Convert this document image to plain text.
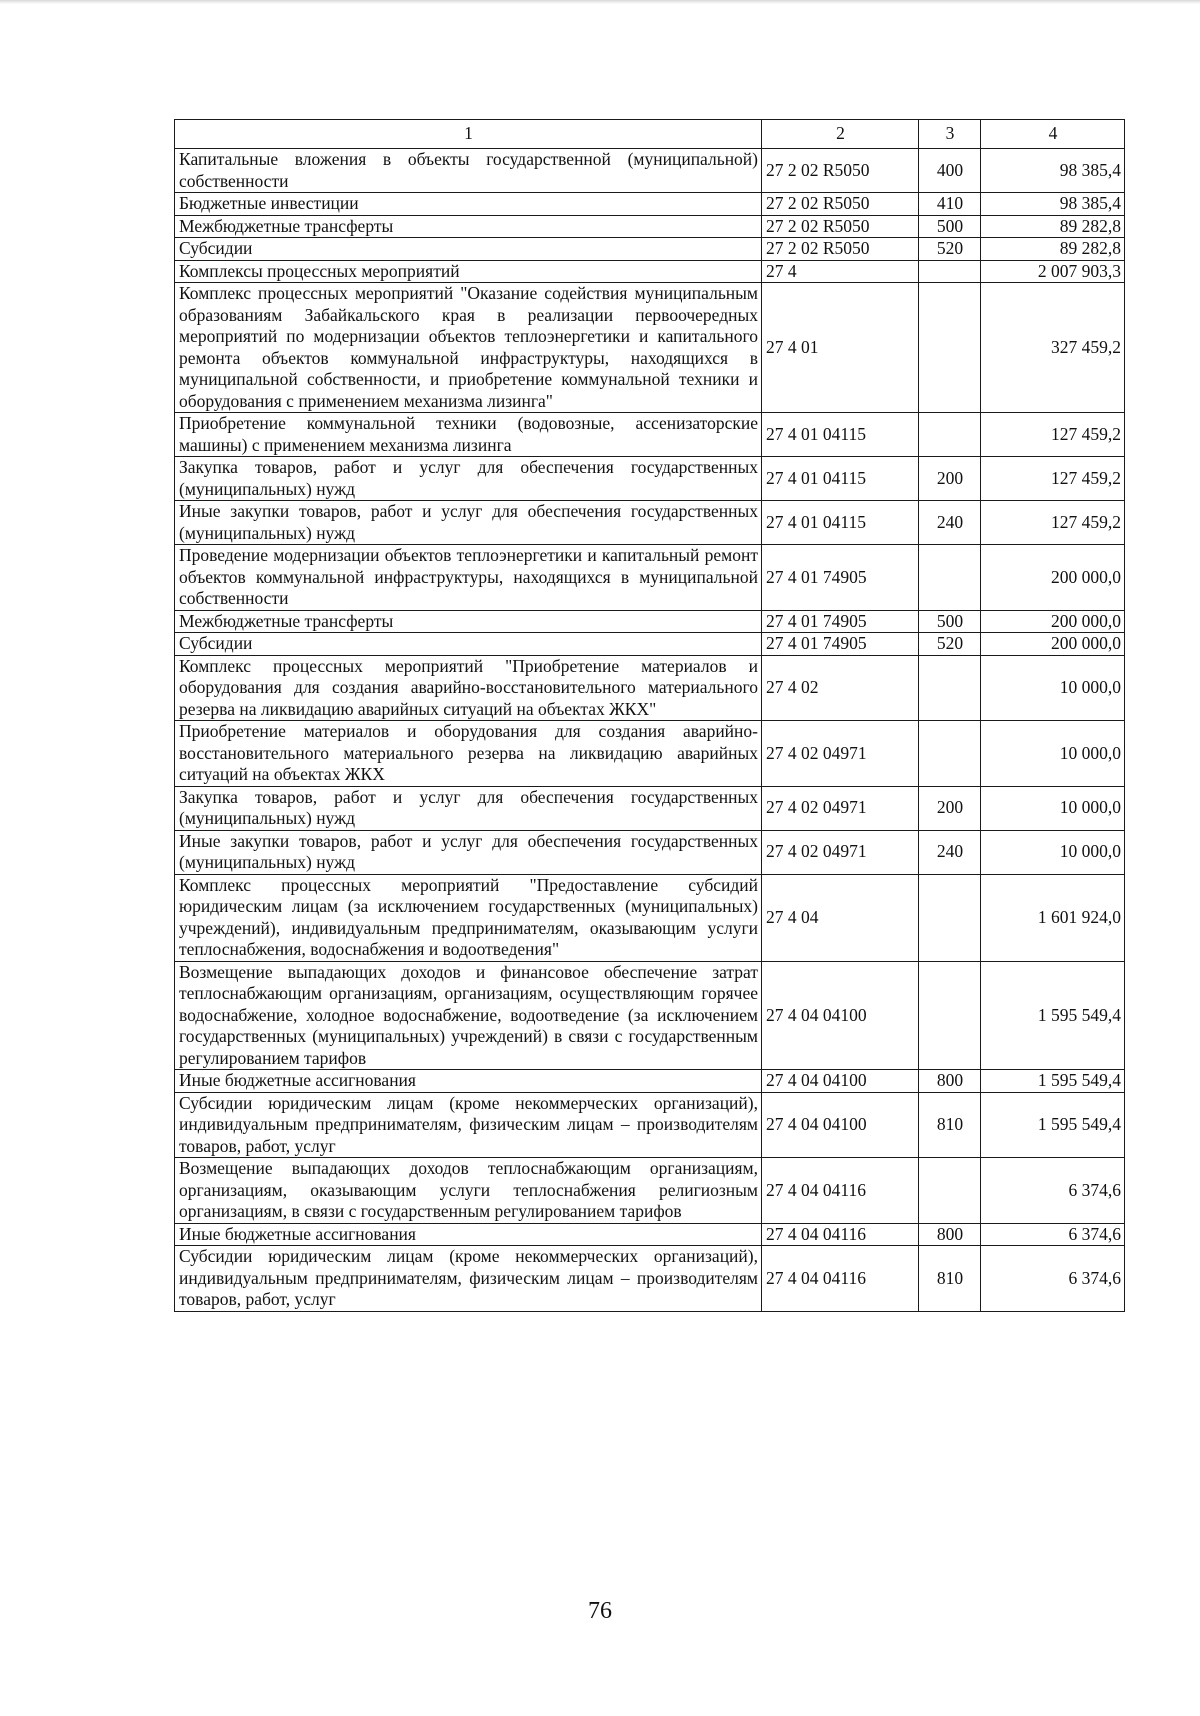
1	2	3	4
Капитальные вложения в объекты государственной (муниципальной) собственности	27 2 02 R5050	400	98 385,4
Бюджетные инвестиции	27 2 02 R5050	410	98 385,4
Межбюджетные трансферты	27 2 02 R5050	500	89 282,8
Субсидии	27 2 02 R5050	520	89 282,8
Комплексы процессных мероприятий	27 4		2 007 903,3
Комплекс процессных мероприятий "Оказание содействия муниципальным образованиям Забайкальского края в реализации первоочередных мероприятий по модернизации объектов теплоэнергетики и капитального ремонта объектов коммунальной инфраструктуры, находящихся в муниципальной собственности, и приобретение коммунальной техники и оборудования с применением механизма лизинга"	27 4 01		327 459,2
Приобретение коммунальной техники (водовозные, ассенизаторские машины) с применением механизма лизинга	27 4 01 04115		127 459,2
Закупка товаров, работ и услуг для обеспечения государственных (муниципальных) нужд	27 4 01 04115	200	127 459,2
Иные закупки товаров, работ и услуг для обеспечения государственных (муниципальных) нужд	27 4 01 04115	240	127 459,2
Проведение модернизации объектов теплоэнергетики и капитальный ремонт объектов коммунальной инфраструктуры, находящихся в муниципальной собственности	27 4 01 74905		200 000,0
Межбюджетные трансферты	27 4 01 74905	500	200 000,0
Субсидии	27 4 01 74905	520	200 000,0
Комплекс процессных мероприятий "Приобретение материалов и оборудования для создания аварийно-восстановительного материального резерва на ликвидацию аварийных ситуаций на объектах ЖКХ"	27 4 02		10 000,0
Приобретение материалов и оборудования для создания аварийно-восстановительного материального резерва на ликвидацию аварийных ситуаций на объектах ЖКХ	27 4 02 04971		10 000,0
Закупка товаров, работ и услуг для обеспечения государственных (муниципальных) нужд	27 4 02 04971	200	10 000,0
Иные закупки товаров, работ и услуг для обеспечения государственных (муниципальных) нужд	27 4 02 04971	240	10 000,0
Комплекс процессных мероприятий "Предоставление субсидий юридическим лицам (за исключением государственных (муниципальных) учреждений), индивидуальным предпринимателям, оказывающим услуги теплоснабжения, водоснабжения и водоотведения"	27 4 04		1 601 924,0
Возмещение выпадающих доходов и финансовое обеспечение затрат теплоснабжающим организациям, организациям, осуществляющим горячее водоснабжение, холодное водоснабжение, водоотведение (за исключением государственных (муниципальных) учреждений) в связи с государственным регулированием тарифов	27 4 04 04100		1 595 549,4
Иные бюджетные ассигнования	27 4 04 04100	800	1 595 549,4
Субсидии юридическим лицам (кроме некоммерческих организаций), индивидуальным предпринимателям, физическим лицам – производителям товаров, работ, услуг	27 4 04 04100	810	1 595 549,4
Возмещение выпадающих доходов теплоснабжающим организациям, организациям, оказывающим услуги теплоснабжения религиозным организациям, в связи с государственным регулированием тарифов	27 4 04 04116		6 374,6
Иные бюджетные ассигнования	27 4 04 04116	800	6 374,6
Субсидии юридическим лицам (кроме некоммерческих организаций), индивидуальным предпринимателям, физическим лицам – производителям товаров, работ, услуг	27 4 04 04116	810	6 374,6
76
